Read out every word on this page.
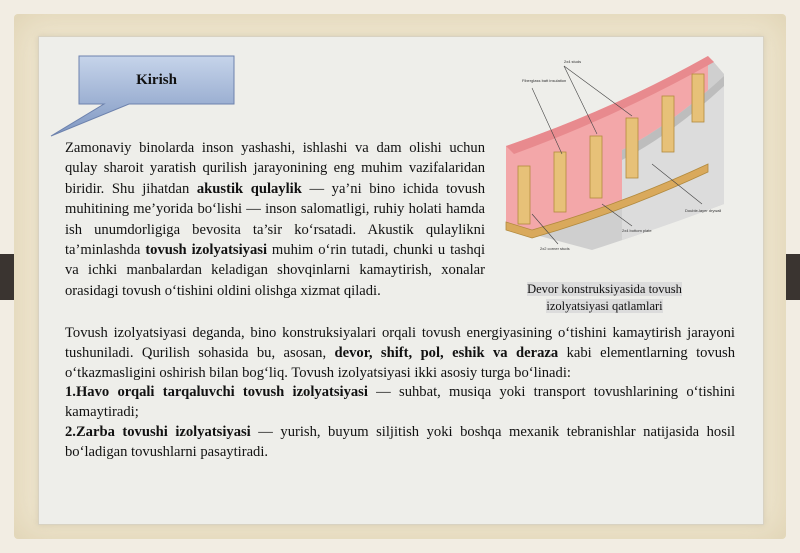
Kirish
Zamonaviy binolarda inson yashashi, ishlashi va dam olishi uchun qulay sharoit yaratish qurilish jarayonining eng muhim vazifalaridan biridir. Shu jihatdan akustik qulaylik — ya’ni bino ichida tovush muhitining me’yorida bo‘lishi — inson salomatligi, ruhiy holati hamda ish unumdorligiga bevosita ta’sir ko‘rsatadi. Akustik qulaylikni ta’minlashda tovush izolyatsiyasi muhim o‘rin tutadi, chunki u tashqi va ichki manbalardan keladigan shovqinlarni kamaytirish, xonalar orasidagi tovush o‘tishini oldini olishga xizmat qiladi.
2x4 studs
Fiberglass batt insulation
Double-layer drywall
2x4 bottom plate
2x2 corner studs
Devor konstruksiyasida tovush izolyatsiyasi qatlamlari

Tovush izolyatsiyasi deganda, bino konstruksiyalari orqali tovush energiyasining o‘tishini kamaytirish jarayoni tushuniladi. Qurilish sohasida bu, asosan, devor, shift, pol, eshik va deraza kabi elementlarning tovush o‘tkazmasligini oshirish bilan bog‘liq. Tovush izolyatsiyasi ikki asosiy turga bo‘linadi:

1.Havo orqali tarqaluvchi tovush izolyatsiyasi — suhbat, musiqa yoki transport tovushlarining o‘tishini kamaytiradi;

2.Zarba tovushi izolyatsiyasi — yurish, buyum siljitish yoki boshqa mexanik tebranishlar natijasida hosil bo‘ladigan tovushlarni pasaytiradi.
